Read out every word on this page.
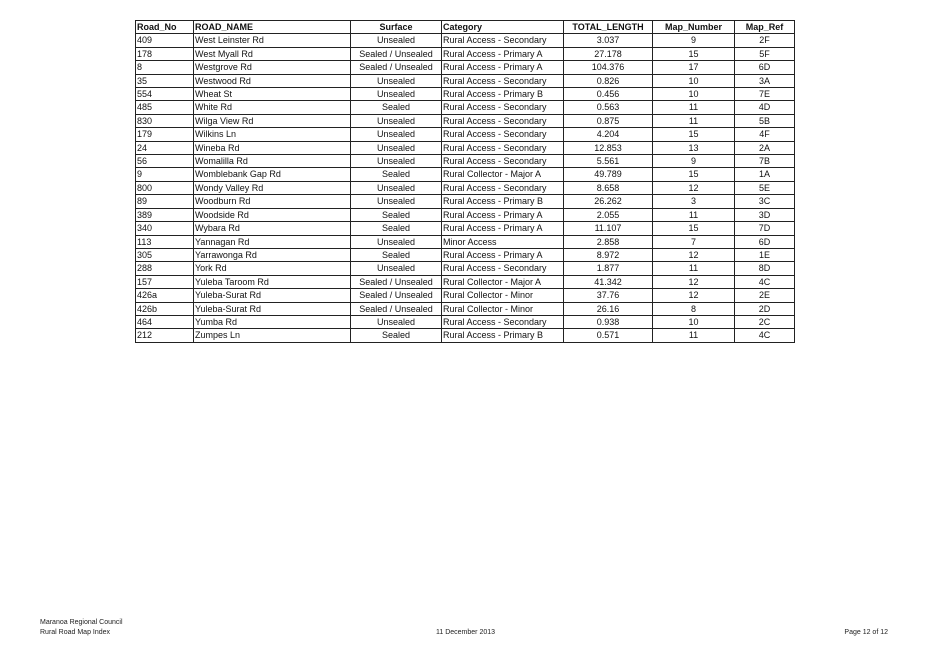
Road_No	ROAD_NAME	Surface	Category	TOTAL_LENGTH	Map_Number	Map_Ref
409	West Leinster Rd	Unsealed	Rural Access - Secondary	3.037	9	2F
178	West Myall Rd	Sealed / Unsealed	Rural Access - Primary A	27.178	15	5F
8	Westgrove Rd	Sealed / Unsealed	Rural Access - Primary A	104.376	17	6D
35	Westwood Rd	Unsealed	Rural Access - Secondary	0.826	10	3A
554	Wheat St	Unsealed	Rural Access - Primary B	0.456	10	7E
485	White Rd	Sealed	Rural Access - Secondary	0.563	11	4D
830	Wilga View Rd	Unsealed	Rural Access - Secondary	0.875	11	5B
179	Wilkins Ln	Unsealed	Rural Access - Secondary	4.204	15	4F
24	Wineba Rd	Unsealed	Rural Access - Secondary	12.853	13	2A
56	Womalilla Rd	Unsealed	Rural Access - Secondary	5.561	9	7B
9	Womblebank Gap Rd	Sealed	Rural Collector - Major A	49.789	15	1A
800	Wondy Valley Rd	Unsealed	Rural Access - Secondary	8.658	12	5E
89	Woodburn Rd	Unsealed	Rural Access - Primary B	26.262	3	3C
389	Woodside Rd	Sealed	Rural Access - Primary A	2.055	11	3D
340	Wybara Rd	Sealed	Rural Access - Primary A	11.107	15	7D
113	Yannagan Rd	Unsealed	Minor Access	2.858	7	6D
305	Yarrawonga Rd	Sealed	Rural Access - Primary A	8.972	12	1E
288	York Rd	Unsealed	Rural Access - Secondary	1.877	11	8D
157	Yuleba Taroom Rd	Sealed / Unsealed	Rural Collector - Major A	41.342	12	4C
426a	Yuleba-Surat Rd	Sealed / Unsealed	Rural Collector - Minor	37.76	12	2E
426b	Yuleba-Surat Rd	Sealed / Unsealed	Rural Collector - Minor	26.16	8	2D
464	Yumba Rd	Unsealed	Rural Access - Secondary	0.938	10	2C
212	Zumpes Ln	Sealed	Rural Access - Primary B	0.571	11	4C
Maranoa Regional Council
Rural Road Map Index	11 December 2013	Page 12 of 12
